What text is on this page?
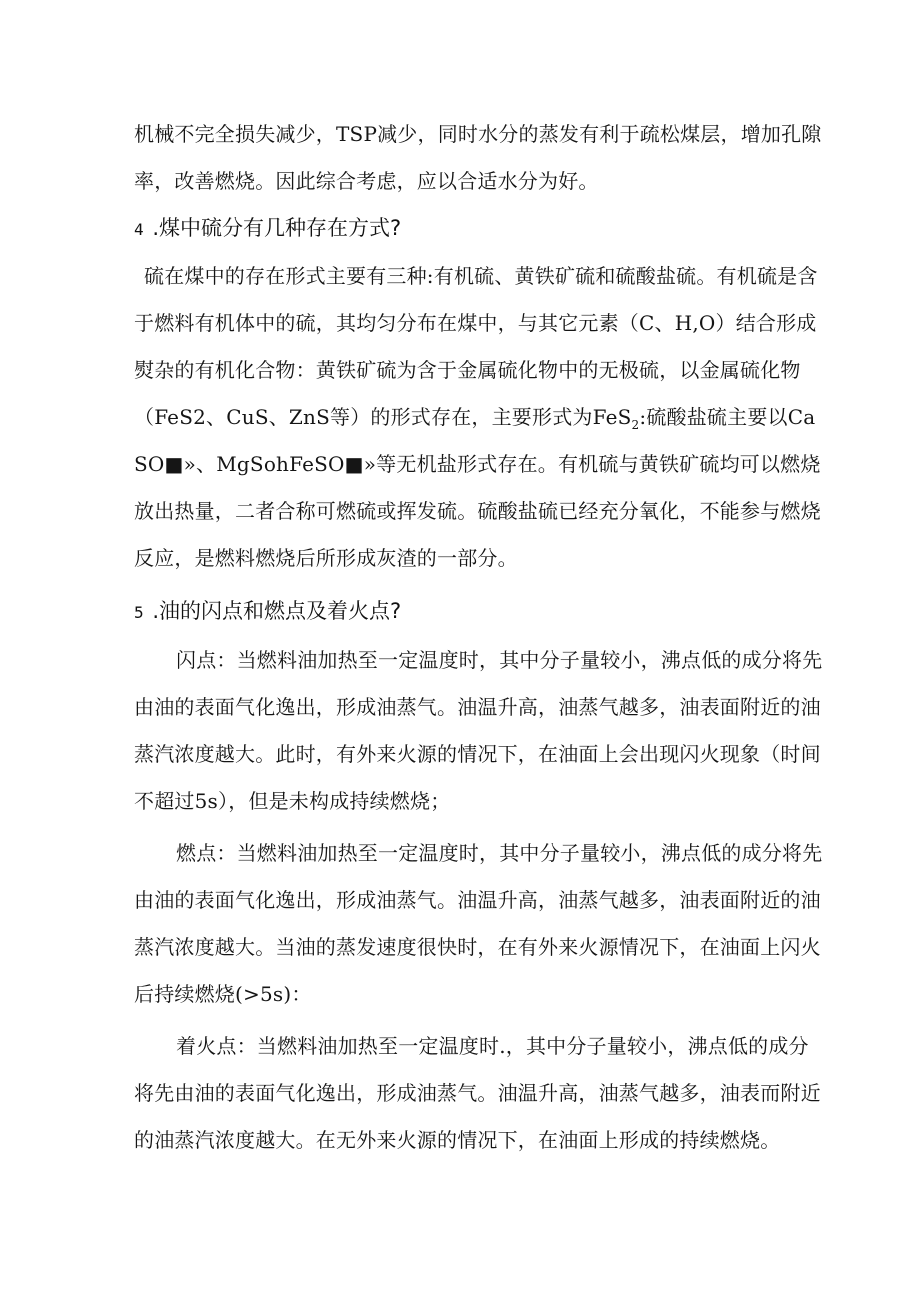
机械不完全损失减少，TSP减少，同时水分的蒸发有利于疏松煤层，增加孔隙率，改善燃烧。因此综合考虑，应以合适水分为好。

4 .煤中硫分有几种存在方式?

硫在煤中的存在形式主要有三种:有机硫、黄铁矿硫和硫酸盐硫。有机硫是含于燃料有机体中的硫，其均匀分布在煤中，与其它元素（C、H,O）结合形成熨杂的有机化合物：黄铁矿硫为含于金属硫化物中的无极硫，以金属硫化物（FeS2、CuS、ZnS等）的形式存在，主要形式为FeS$_2$:硫酸盐硫主要以CaSO■»、MgSohFeSO■»等无机盐形式存在。有机硫与黄铁矿硫均可以燃烧放出热量，二者合称可燃硫或挥发硫。硫酸盐硫已经充分氧化，不能参与燃烧反应，是燃料燃烧后所形成灰渣的一部分。

5 .油的闪点和燃点及着火点?

闪点：当燃料油加热至一定温度时，其中分子量较小，沸点低的成分将先由油的表面气化逸出，形成油蒸气。油温升高，油蒸气越多，油表面附近的油蒸汽浓度越大。此时，有外来火源的情况下，在油面上会出现闪火现象（时间不超过5s），但是未构成持续燃烧；

燃点：当燃料油加热至一定温度时，其中分子量较小，沸点低的成分将先由油的表面气化逸出，形成油蒸气。油温升高，油蒸气越多，油表面附近的油蒸汽浓度越大。当油的蒸发速度很快时，在有外来火源情况下，在油面上闪火后持续燃烧(>5s)：

着火点：当燃料油加热至一定温度时.，其中分子量较小，沸点低的成分将先由油的表面气化逸出，形成油蒸气。油温升高，油蒸气越多，油表而附近的油蒸汽浓度越大。在无外来火源的情况下，在油面上形成的持续燃烧。
